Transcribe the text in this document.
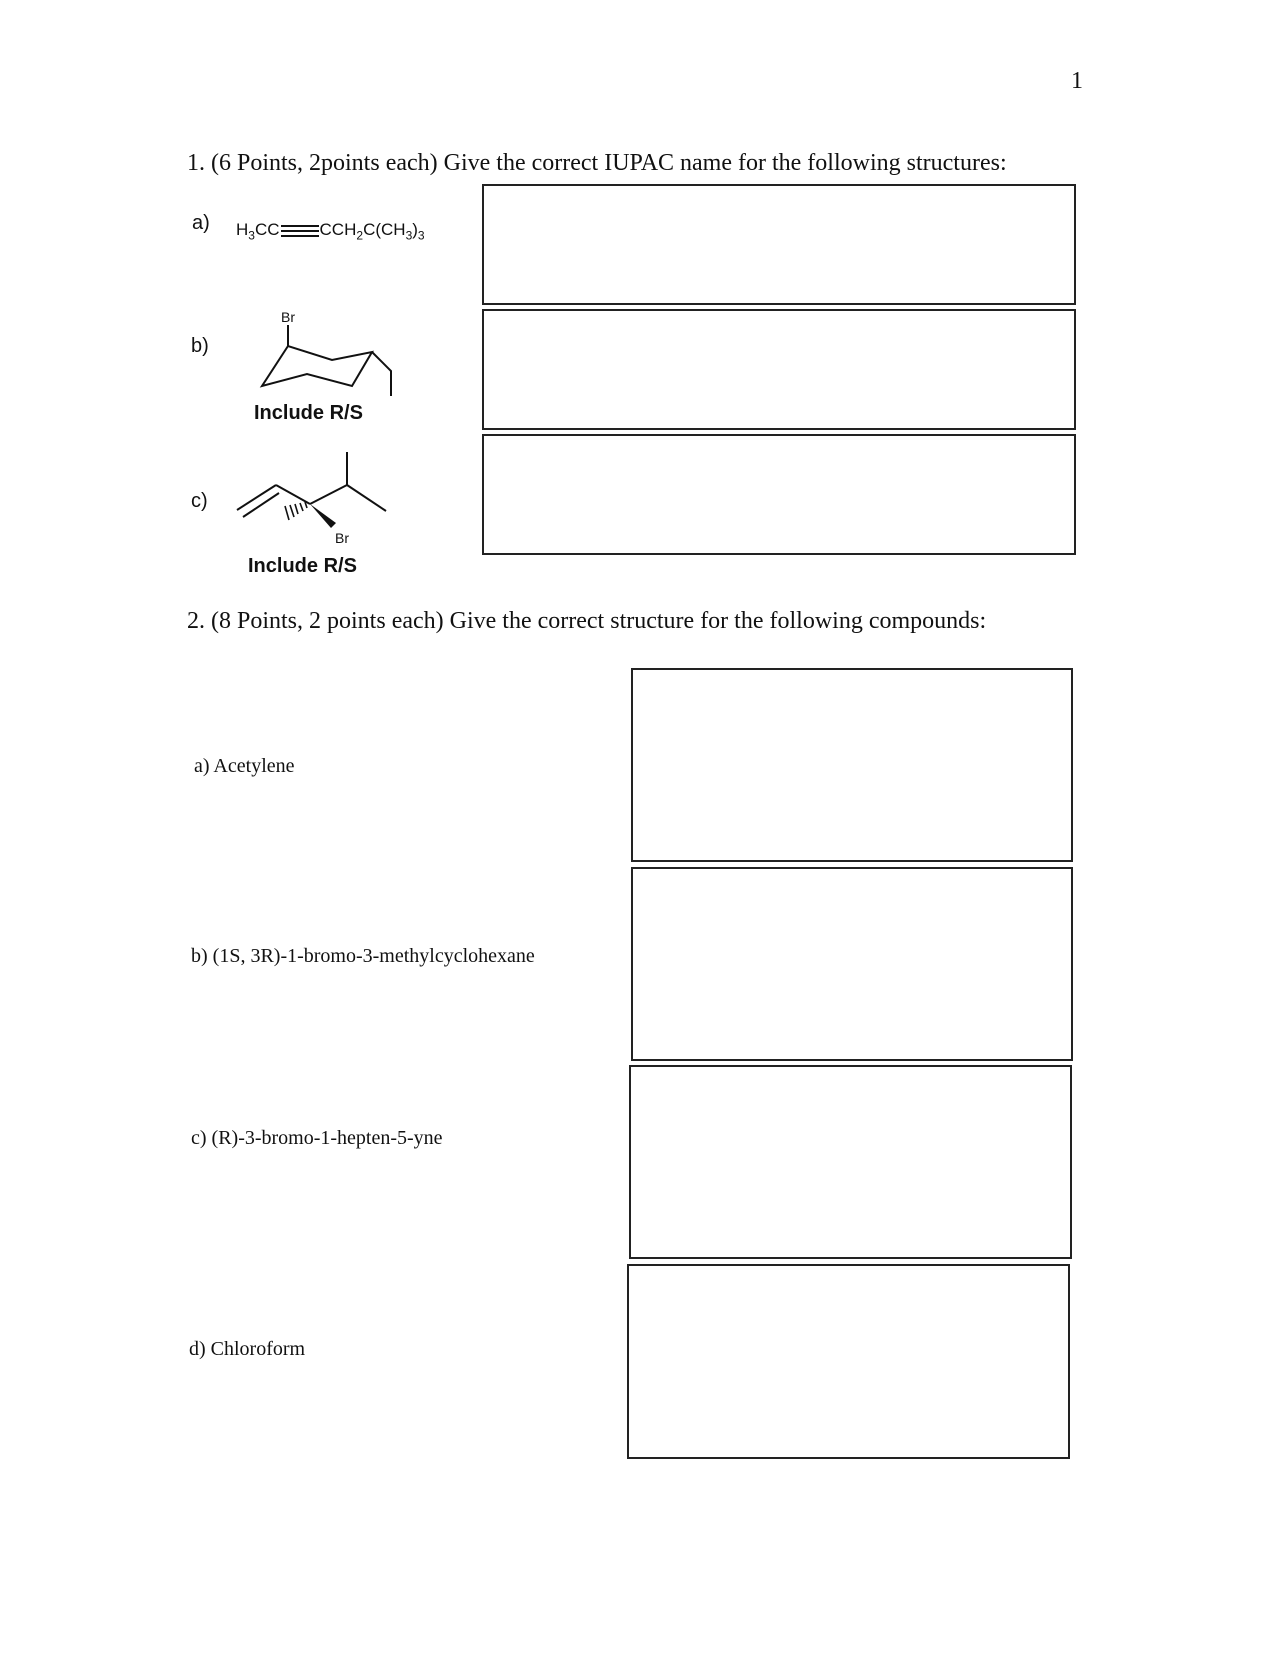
1
1. (6 Points, 2points each) Give the correct IUPAC name for the following structures:
a) $H_3CC$ $CCH_2C(CH_3)_3$
b)
Br
Include R/S
c)
Br
Include R/S
2. (8 Points, 2 points each) Give the correct structure for the following compounds:
a) Acetylene
b) (1S, 3R)-1-bromo-3-methylcyclohexane
c) (R)-3-bromo-1-hepten-5-yne
d) Chloroform
